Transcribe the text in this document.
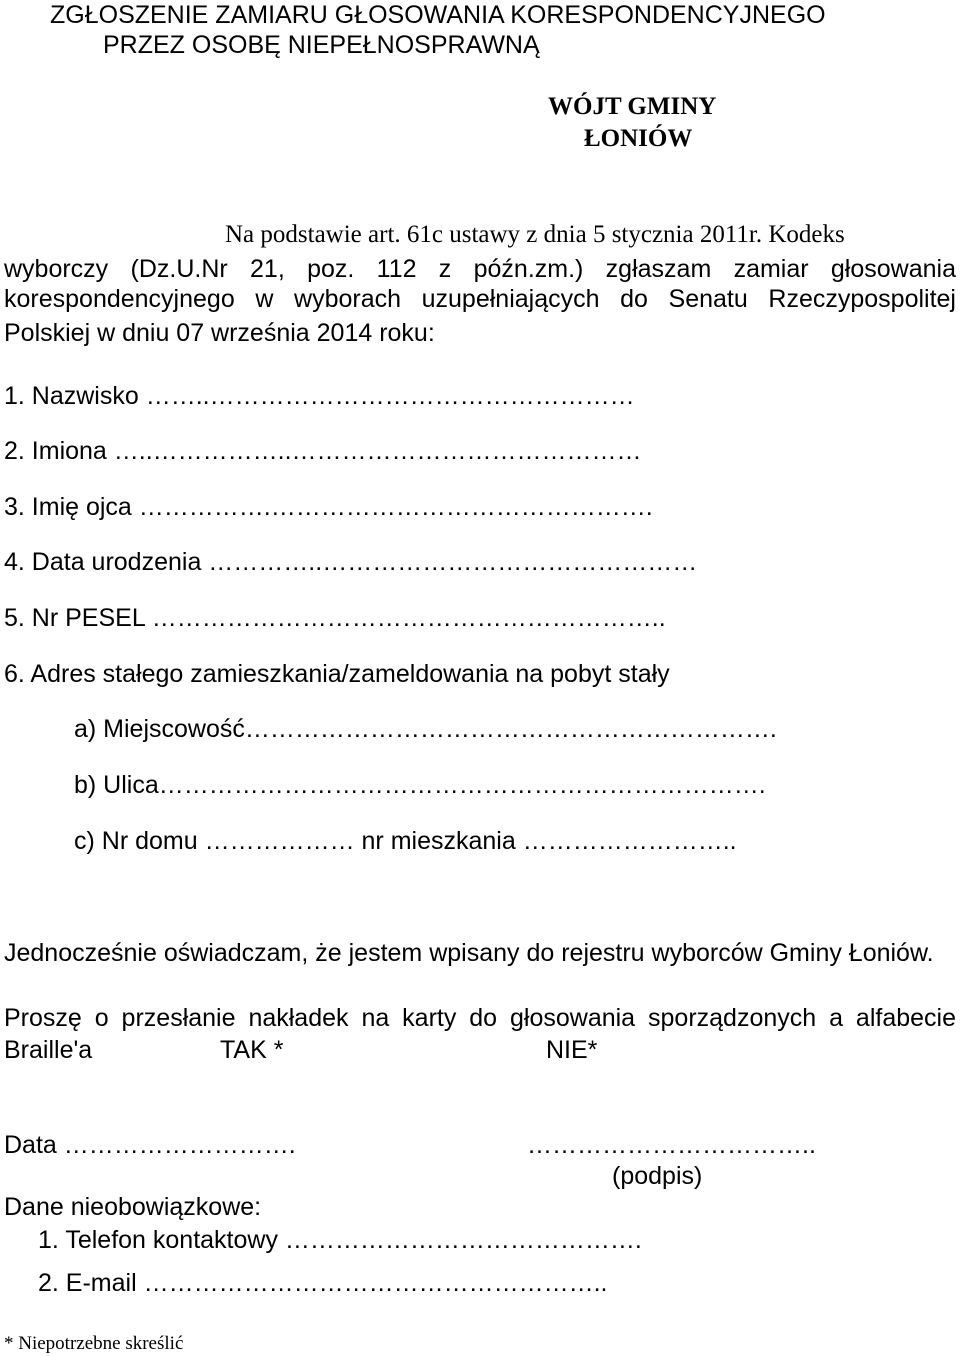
ZGŁOSZENIE ZAMIARU GŁOSOWANIA KORESPONDENCYJNEGO
PRZEZ OSOBĘ NIEPEŁNOSPRAWNĄ
WÓJT GMINY
ŁONIÓW
Na podstawie art. 61c ustawy z dnia 5 stycznia 2011r. Kodeks
wyborczy (Dz.U.Nr 21, poz. 112 z późn.zm.) zgłaszam zamiar głosowania
korespondencyjnego w wyborach uzupełniających do Senatu Rzeczypospolitej
Polskiej w dniu 07 września 2014 roku:
1. Nazwisko ……..……………………………………………
2. Imiona …..……………..……………………………………
3. Imię ojca …………….……………………………………….
4. Data urodzenia …………..………………………………………
5. Nr PESEL ……………………………………………………..
6. Adres stałego zamieszkania/zameldowania na pobyt stały
a) Miejscowość……………………………………………………….
b) Ulica……………………………………………………………….
c) Nr domu ……………… nr mieszkania ……………………..
Jednocześnie oświadczam, że jestem wpisany do rejestru wyborców Gminy Łoniów.
Proszę o przesłanie nakładek na karty do głosowania sporządzonych a alfabecie
Braille'a	TAK *	NIE*
Data ……………………….	……………………………..
(podpis)
Dane nieobowiązkowe:
1. Telefon kontaktowy …………………………………….
2. E-mail ………………………………………………..
* Niepotrzebne skreślić
